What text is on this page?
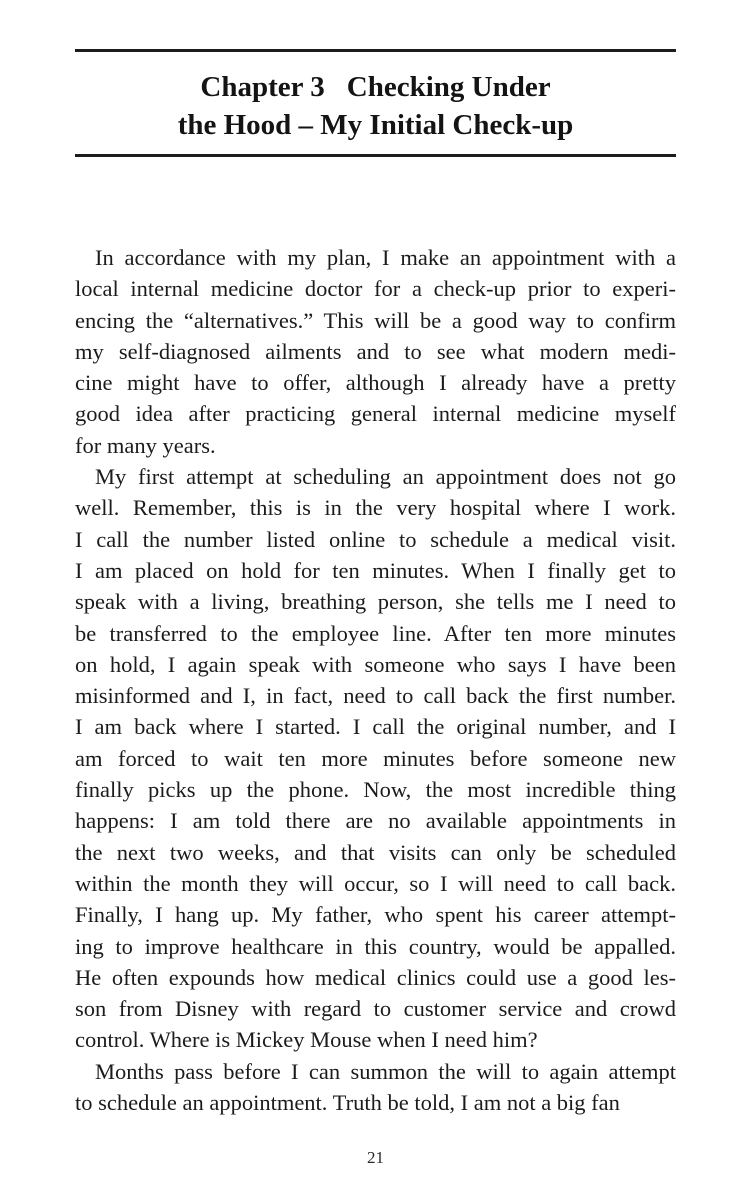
Chapter 3 Checking Under
the Hood – My Initial Check-up
In accordance with my plan, I make an appointment with a
local internal medicine doctor for a check-up prior to experi-
encing the “alternatives.” This will be a good way to confirm
my self-diagnosed ailments and to see what modern medi-
cine might have to offer, although I already have a pretty
good idea after practicing general internal medicine myself
for many years.
My first attempt at scheduling an appointment does not go
well. Remember, this is in the very hospital where I work.
I call the number listed online to schedule a medical visit.
I am placed on hold for ten minutes. When I finally get to
speak with a living, breathing person, she tells me I need to
be transferred to the employee line. After ten more minutes
on hold, I again speak with someone who says I have been
misinformed and I, in fact, need to call back the first number.
I am back where I started. I call the original number, and I
am forced to wait ten more minutes before someone new
finally picks up the phone. Now, the most incredible thing
happens: I am told there are no available appointments in
the next two weeks, and that visits can only be scheduled
within the month they will occur, so I will need to call back.
Finally, I hang up. My father, who spent his career attempt-
ing to improve healthcare in this country, would be appalled.
He often expounds how medical clinics could use a good les-
son from Disney with regard to customer service and crowd
control. Where is Mickey Mouse when I need him?
Months pass before I can summon the will to again attempt
to schedule an appointment. Truth be told, I am not a big fan
21
